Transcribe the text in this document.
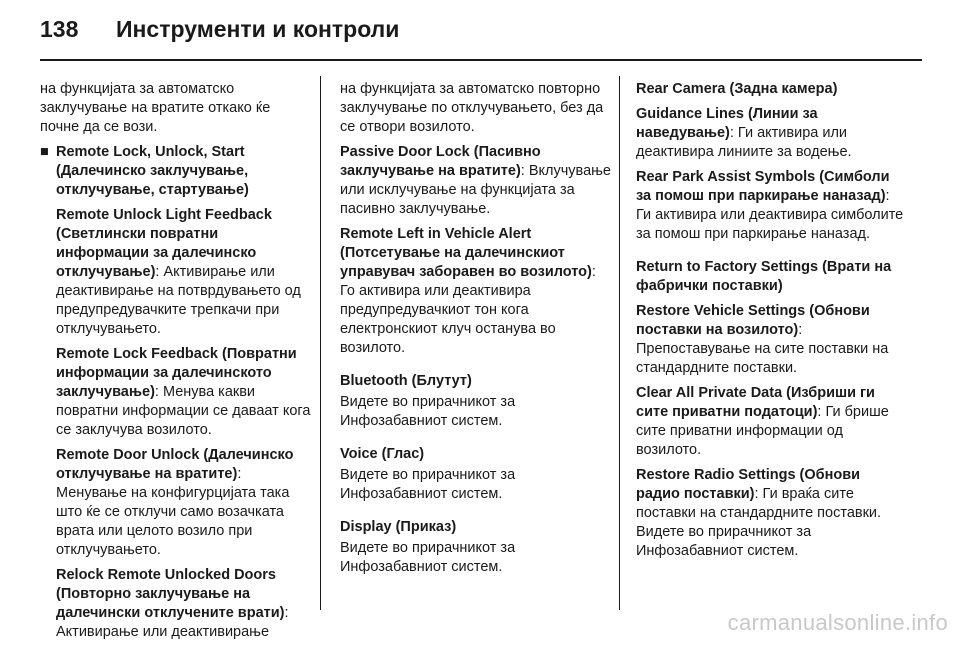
138 Инструменти и контроли

на функцијата за автоматско заклучување на вратите откако ќе почне да се вози.

■ Remote Lock, Unlock, Start (Далечинско заклучување, отклучување, стартување)

Remote Unlock Light Feedback (Светлински повратни информации за далечинско отклучување): Активирање или деактивирање на потврдувањето од предупредувачките трепкачи при отклучувањето.

Remote Lock Feedback (Повратни информации за далечинското заклучување): Менува какви повратни информации се даваат кога се заклучува возилото.

Remote Door Unlock (Далечинско отклучување на вратите): Менување на конфигурцијата така што ќе се отклучи само возачката врата или целото возило при отклучувањето.

Relock Remote Unlocked Doors (Повторно заклучување на далечински отклучените врати): Активирање или деактивирање

на функцијата за автоматско повторно заклучување по отклучувањето, без да се отвори возилото.

Passive Door Lock (Пасивно заклучување на вратите): Вклучување или исклучување на функцијата за пасивно заклучување.

Remote Left in Vehicle Alert (Потсетување на далечинскиот управувач заборавен во возилото): Го активира или деактивира предупредувачкиот тон кога електронскиот клуч останува во возилото.

Bluetooth (Блутут)

Видете во прирачникот за Инфозабавниот систем.

Voice (Глас)

Видете во прирачникот за Инфозабавниот систем.

Display (Приказ)

Видете во прирачникот за Инфозабавниот систем.

Rear Camera (Задна камера)

Guidance Lines (Линии за наведување): Ги активира или деактивира линиите за водење.

Rear Park Assist Symbols (Симболи за помош при паркирање наназад): Ги активира или деактивира симболите за помош при паркирање наназад.

Return to Factory Settings (Врати на фабрички поставки)

Restore Vehicle Settings (Обнови поставки на возилото): Препоставување на сите поставки на стандардните поставки.

Clear All Private Data (Избриши ги сите приватни податоци): Ги брише сите приватни информации од возилото.

Restore Radio Settings (Обнови радио поставки): Ги враќа сите поставки на стандардните поставки. Видете во прирачникот за Инфозабавниот систем.

carmanualsonline.info
